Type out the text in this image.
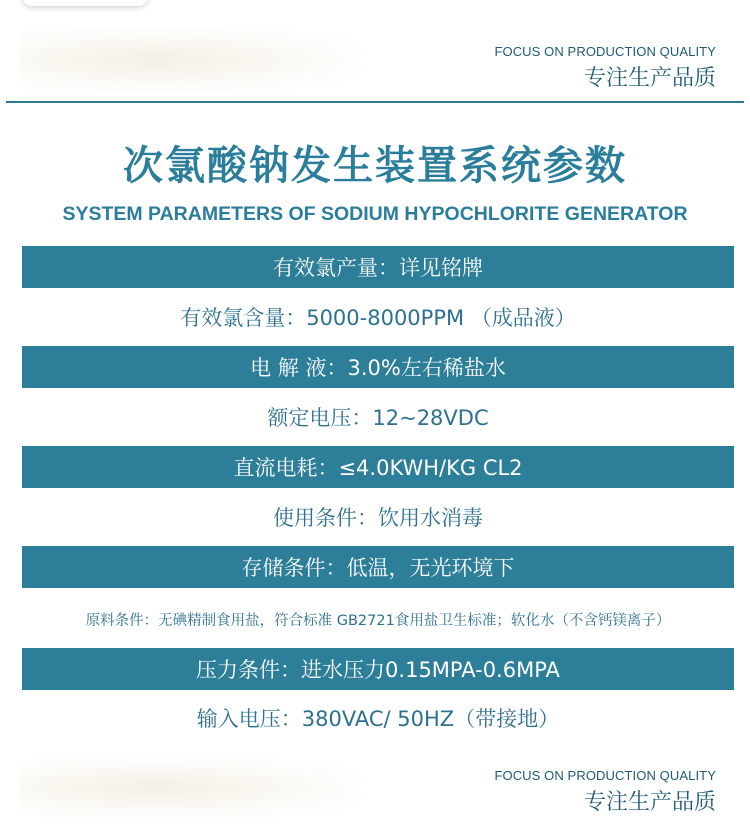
FOCUS ON PRODUCTION QUALITY
专注生产品质
次氯酸钠发生装置系统参数
SYSTEM PARAMETERS OF SODIUM HYPOCHLORITE GENERATOR
有效氯产量：详见铭牌
有效氯含量：5000-8000PPM （成品液）
电 解 液：3.0%左右稀盐水
额定电压：12~28VDC
直流电耗：≤4.0KWH/KG CL2
使用条件：饮用水消毒
存储条件：低温，无光环境下
原料条件：无碘精制食用盐，符合标准 GB2721食用盐卫生标准；软化水（不含钙镁离子）
压力条件：进水压力0.15MPA-0.6MPA
输入电压：380VAC/ 50HZ（带接地）
FOCUS ON PRODUCTION QUALITY
专注生产品质
